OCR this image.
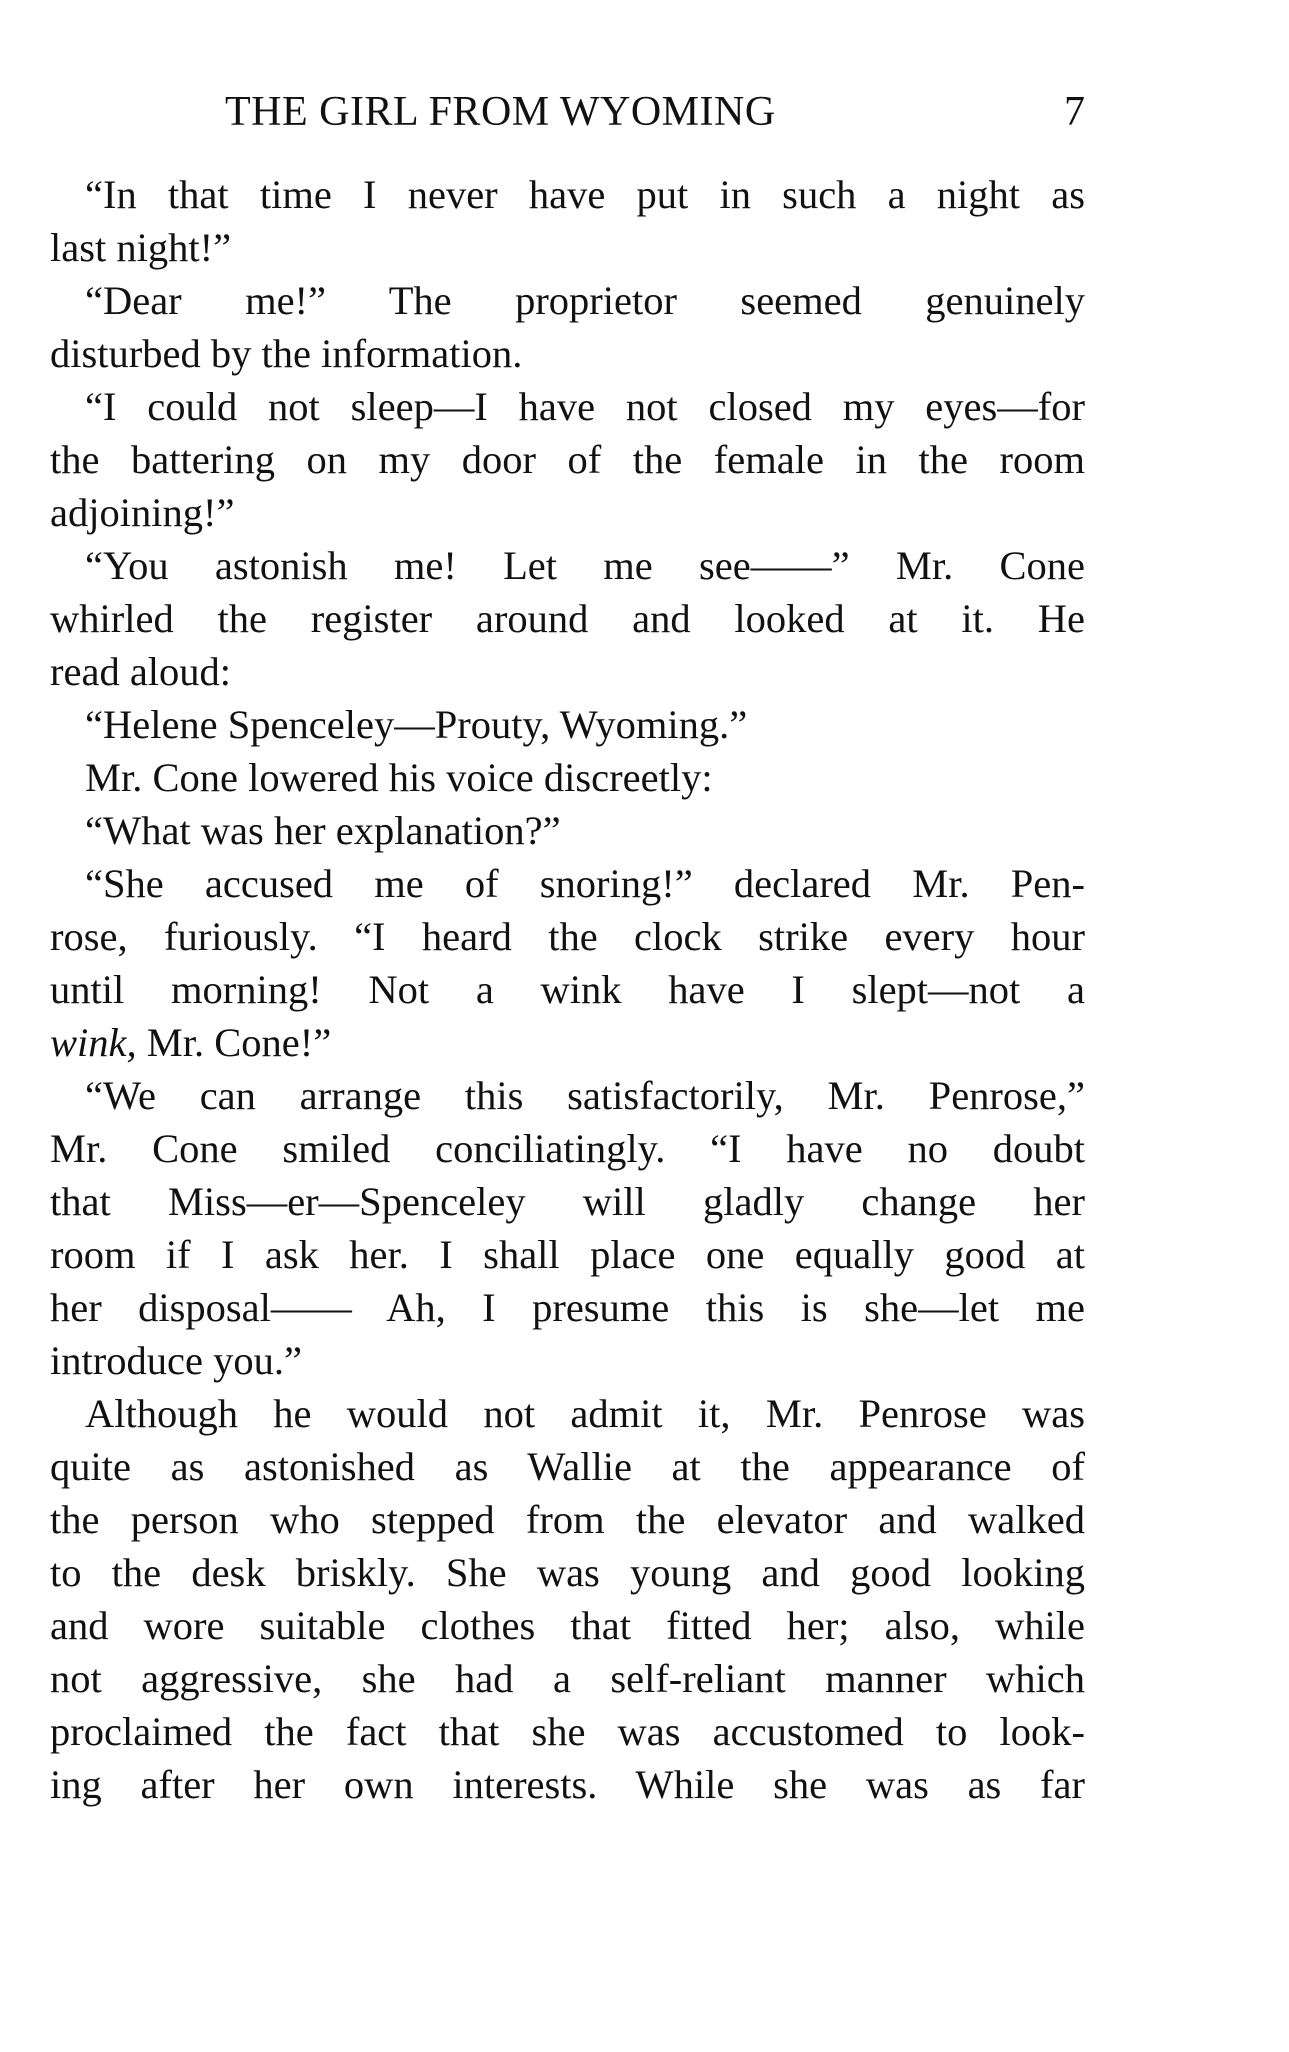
THE GIRL FROM WYOMING	7
“In that time I never have put in such a night as
last night!”
“Dear me!” The proprietor seemed genuinely
disturbed by the information.
“I could not sleep—I have not closed my eyes—for
the battering on my door of the female in the room
adjoining!”
“You astonish me! Let me see——” Mr. Cone
whirled the register around and looked at it. He
read aloud:
“Helene Spenceley—Prouty, Wyoming.”
Mr. Cone lowered his voice discreetly:
“What was her explanation?”
“She accused me of snoring!” declared Mr. Pen-
rose, furiously. “I heard the clock strike every hour
until morning! Not a wink have I slept—not a
wink, Mr. Cone!”
“We can arrange this satisfactorily, Mr. Penrose,”
Mr. Cone smiled conciliatingly. “I have no doubt
that Miss—er—Spenceley will gladly change her
room if I ask her. I shall place one equally good at
her disposal—— Ah, I presume this is she—let me
introduce you.”
Although he would not admit it, Mr. Penrose was
quite as astonished as Wallie at the appearance of
the person who stepped from the elevator and walked
to the desk briskly. She was young and good looking
and wore suitable clothes that fitted her; also, while
not aggressive, she had a self-reliant manner which
proclaimed the fact that she was accustomed to look-
ing after her own interests. While she was as far
